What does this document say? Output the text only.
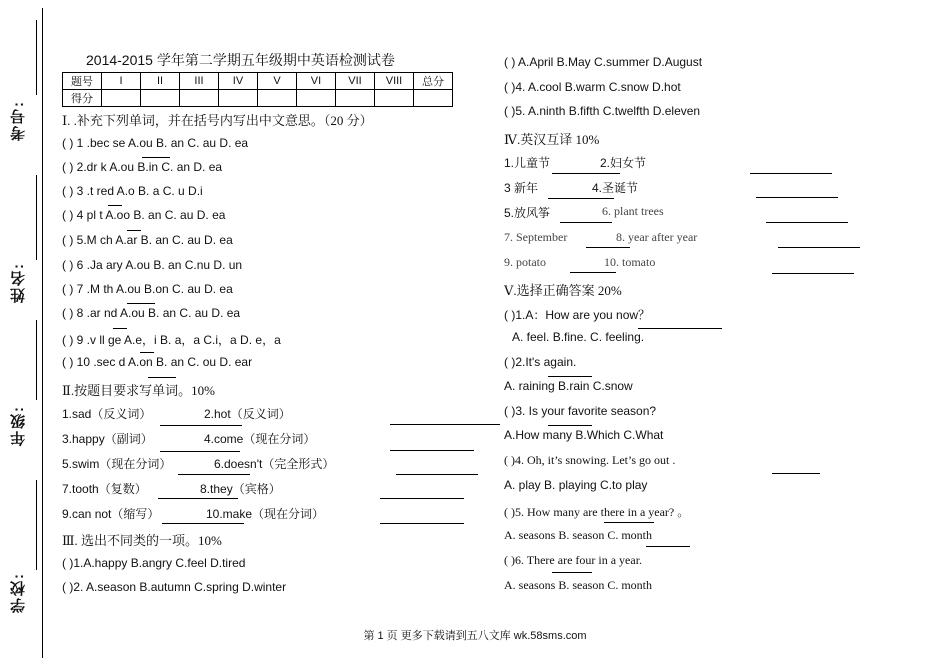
考号:
姓名:
年级:
学校:
2014-2015 学年第二学期五年级期中英语检测试卷
题号	I	II	III	IV	V	VI	VII	VIII	总分
得分									
Ⅰ. .补充下列单词，并在括号内写出中文意思。（20 分）
( ) 1 .bec se A.ou B. an C. au D. ea
( ) 2.dr k A.ou B.in C. an D. ea
( ) 3 .t red A.o B. a C. u D.i
( ) 4 pl t A.oo B. an C. au D. ea
( ) 5.M ch A.ar B. an C. au D. ea
( ) 6 .Ja ary A.ou B. an C.nu D. un
( ) 7 .M th A.ou B.on C. au D. ea
( ) 8 .ar nd A.ou B. an C. au D. ea
( ) 9 .v ll ge A.e，i B. a，a C.i，a D. e，a
( ) 10 .sec d A.on B. an C. ou D. ear
Ⅱ.按题目要求写单词。10%
1.sad（反义词）	2.hot（反义词）
3.happy（副词）	4.come（现在分词）
5.swim（现在分词）	6.doesn't（完全形式）
7.tooth（复数）	8.they（宾格）
9.can not（缩写）	10.make（现在分词）
Ⅲ. 选出不同类的一项。10%
( )1.A.happy B.angry C.feel D.tired
( )2. A.season B.autumn C.spring D.winter
( ) A.April B.May C.summer D.August
( )4. A.cool B.warm C.snow D.hot
( )5. A.ninth B.fifth C.twelfth D.eleven
Ⅳ.英汉互译 10%
1.儿童节	2.妇女节
3 新年	4.圣诞节
5.放风筝	6. plant trees
7. September	8. year after year
9. potato	10. tomato
Ⅴ.选择正确答案 20%
( )1.A：How are you now？
A. feel. B.fine. C. feeling.
( )2.It's again.
A. raining B.rain C.snow
( )3. Is your favorite season?
A.How many B.Which C.What
( )4. Oh, it’s snowing. Let’s go out .
A. play B. playing C.to play
( )5. How many are there in a year? 。
A. seasons B. season C. month
( )6. There are four in a year.
A. seasons B. season C. month
第 1 页 更多下载请到五八文库 wk.58sms.com
